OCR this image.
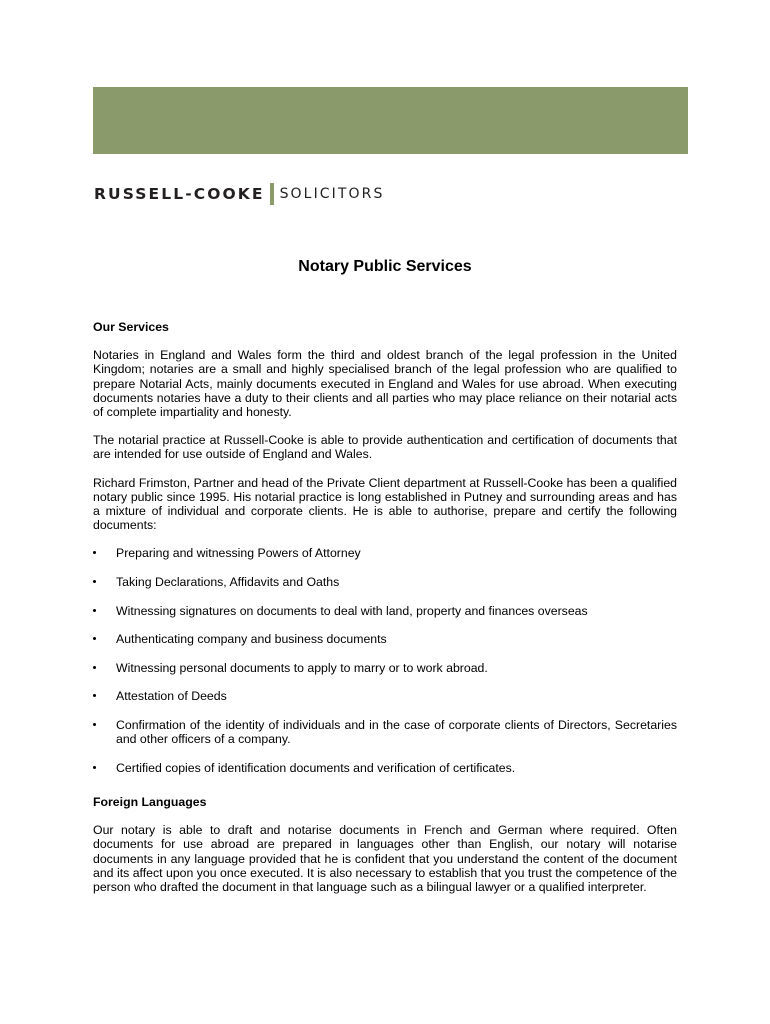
RUSSELL-COOKE SOLICITORS
Notary Public Services
Our Services

Notaries in England and Wales form the third and oldest branch of the legal profession in the United Kingdom; notaries are a small and highly specialised branch of the legal profession who are qualified to prepare Notarial Acts, mainly documents executed in England and Wales for use abroad. When executing documents notaries have a duty to their clients and all parties who may place reliance on their notarial acts of complete impartiality and honesty.

The notarial practice at Russell-Cooke is able to provide authentication and certification of documents that are intended for use outside of England and Wales.

Richard Frimston, Partner and head of the Private Client department at Russell-Cooke has been a qualified notary public since 1995. His notarial practice is long established in Putney and surrounding areas and has a mixture of individual and corporate clients. He is able to authorise, prepare and certify the following documents:

Preparing and witnessing Powers of Attorney
Taking Declarations, Affidavits and Oaths
Witnessing signatures on documents to deal with land, property and finances overseas
Authenticating company and business documents
Witnessing personal documents to apply to marry or to work abroad.
Attestation of Deeds
Confirmation of the identity of individuals and in the case of corporate clients of Directors, Secretaries and other officers of a company.
Certified copies of identification documents and verification of certificates.
Foreign Languages

Our notary is able to draft and notarise documents in French and German where required. Often documents for use abroad are prepared in languages other than English, our notary will notarise documents in any language provided that he is confident that you understand the content of the document and its affect upon you once executed. It is also necessary to establish that you trust the competence of the person who drafted the document in that language such as a bilingual lawyer or a qualified interpreter.
